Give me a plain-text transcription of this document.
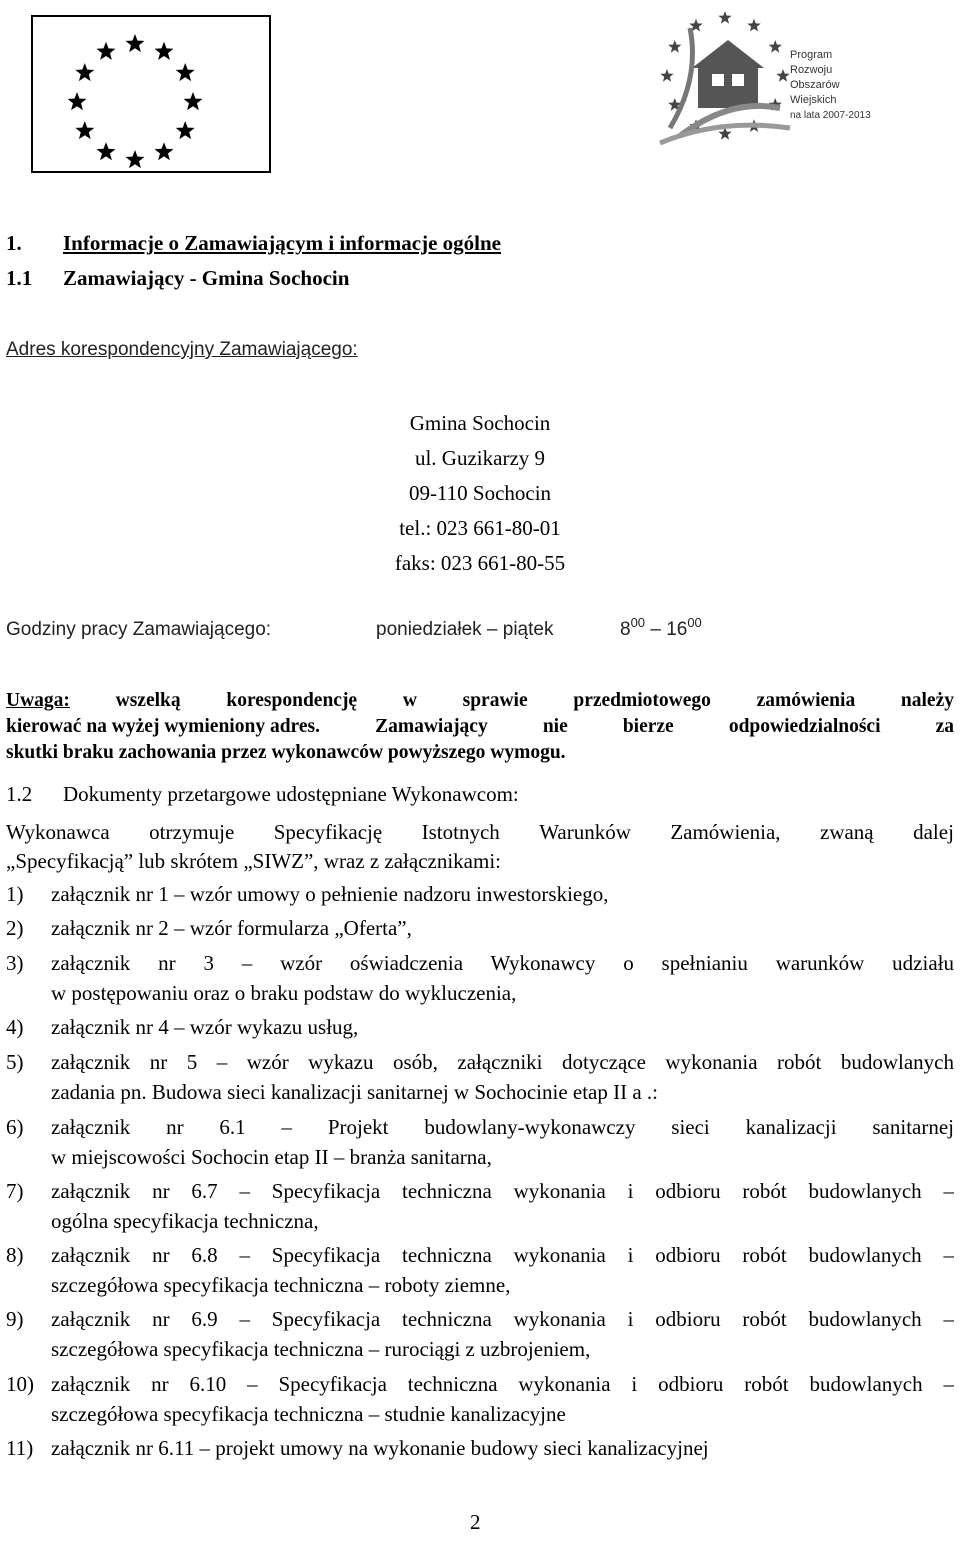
Program
Rozwoju
Obszarów
Wiejskich
na lata 2007-2013
1. Informacje o Zamawiającym i informacje ogólne
1.1 Zamawiający - Gmina Sochocin
Adres korespondencyjny Zamawiającego:
Gmina Sochocin
ul. Guzikarzy 9
09-110 Sochocin
tel.: 023 661-80-01
faks: 023 661-80-55
Godziny pracy Zamawiającego:	poniedziałek – piątek	$8^{00} - 16^{00}$
Uwaga: wszelką korespondencję w sprawie przedmiotowego zamówienia należy
kierować na wyżej wymieniony adres.	Zamawiający	nie	bierze	odpowiedzialności	za
skutki braku zachowania przez wykonawców powyższego wymogu.
1.2 Dokumenty przetargowe udostępniane Wykonawcom:
Wykonawca otrzymuje Specyfikację Istotnych Warunków Zamówienia, zwaną dalej
„Specyfikacją” lub skrótem „SIWZ”, wraz z załącznikami:
1) załącznik nr 1 – wzór umowy o pełnienie nadzoru inwestorskiego,
2) załącznik nr 2 – wzór formularza „Oferta”,
3) załącznik nr 3 – wzór oświadczenia Wykonawcy o spełnianiu warunków udziału
w postępowaniu oraz o braku podstaw do wykluczenia,
4) załącznik nr 4 – wzór wykazu usług,
5) załącznik nr 5 – wzór wykazu osób, załączniki dotyczące wykonania robót budowlanych
zadania pn. Budowa sieci kanalizacji sanitarnej w Sochocinie etap II a .:
6) załącznik nr 6.1 – Projekt budowlany-wykonawczy sieci kanalizacji sanitarnej
w miejscowości Sochocin etap II – branża sanitarna,
7) załącznik nr 6.7 – Specyfikacja techniczna wykonania i odbioru robót budowlanych –
ogólna specyfikacja techniczna,
8) załącznik nr 6.8 – Specyfikacja techniczna wykonania i odbioru robót budowlanych –
szczegółowa specyfikacja techniczna – roboty ziemne,
9) załącznik nr 6.9 – Specyfikacja techniczna wykonania i odbioru robót budowlanych –
szczegółowa specyfikacja techniczna – rurociągi z uzbrojeniem,
10) załącznik nr 6.10 – Specyfikacja techniczna wykonania i odbioru robót budowlanych –
szczegółowa specyfikacja techniczna – studnie kanalizacyjne
11) załącznik nr 6.11 – projekt umowy na wykonanie budowy sieci kanalizacyjnej
2
